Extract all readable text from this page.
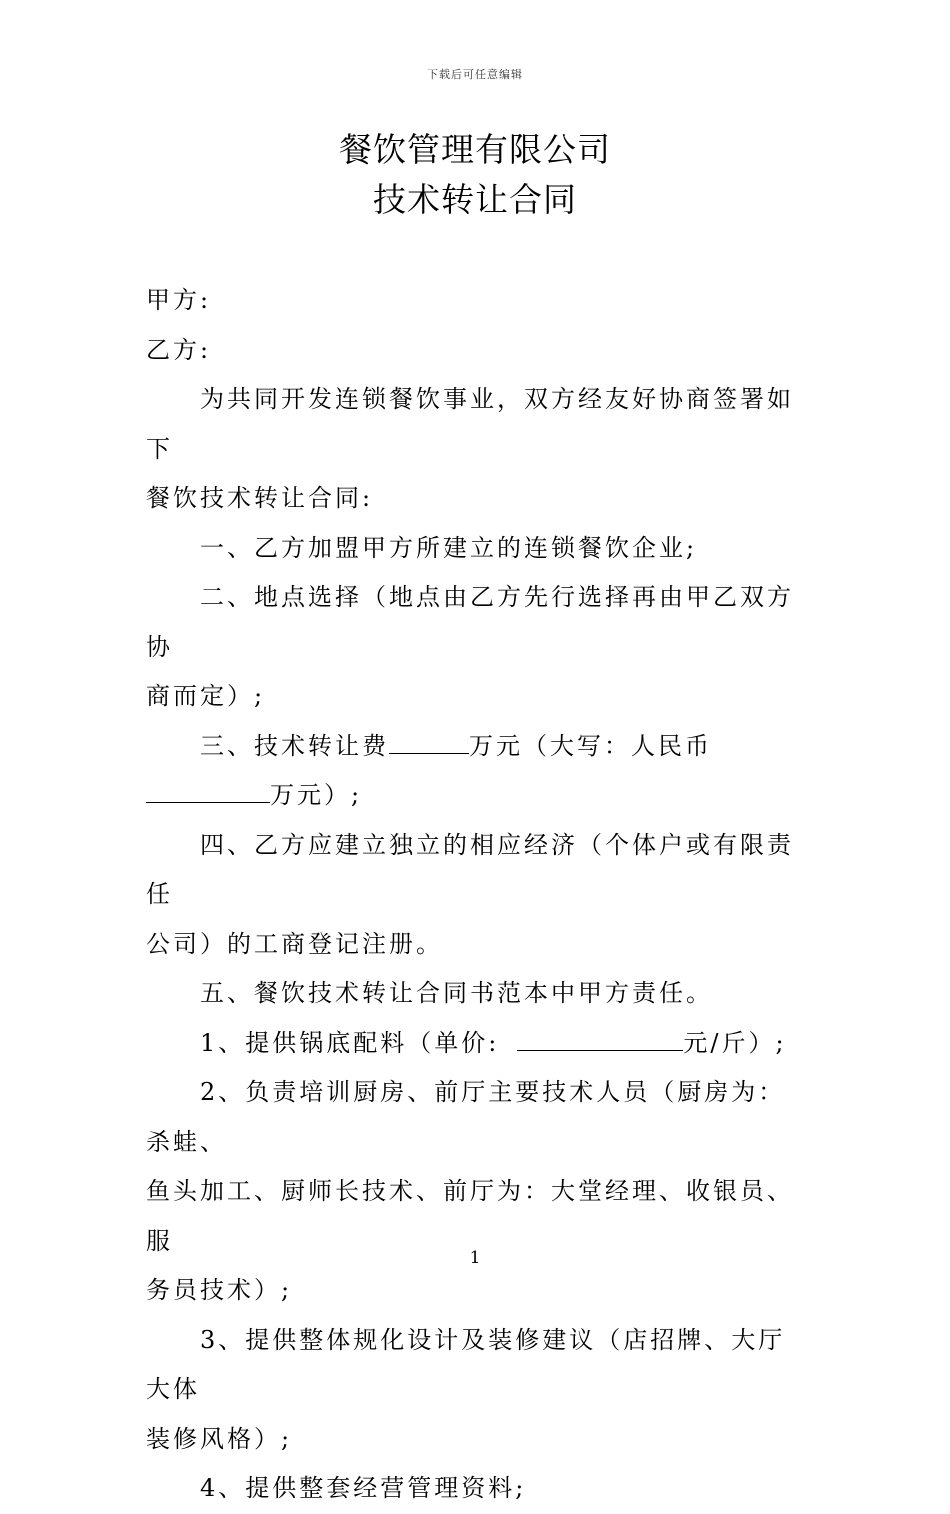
下载后可任意编辑
餐饮管理有限公司
技术转让合同

甲方:

乙方:

为共同开发连锁餐饮事业，双方经友好协商签署如下

餐饮技术转让合同:

一、乙方加盟甲方所建立的连锁餐饮企业;

二、地点选择（地点由乙方先行选择再由甲乙双方协

商而定）;

三、技术转让费	万元（大写：人民币

万元）;

四、乙方应建立独立的相应经济（个体户或有限责任

公司）的工商登记注册。

五、餐饮技术转让合同书范本中甲方责任。

1、提供锅底配料（单价:	元/斤）;

2、负责培训厨房、前厅主要技术人员（厨房为：杀蛙、

鱼头加工、厨师长技术、前厅为：大堂经理、收银员、服

务员技术）;

3、提供整体规化设计及装修建议（店招牌、大厅大体

装修风格）;

4、提供整套经营管理资料;

1
